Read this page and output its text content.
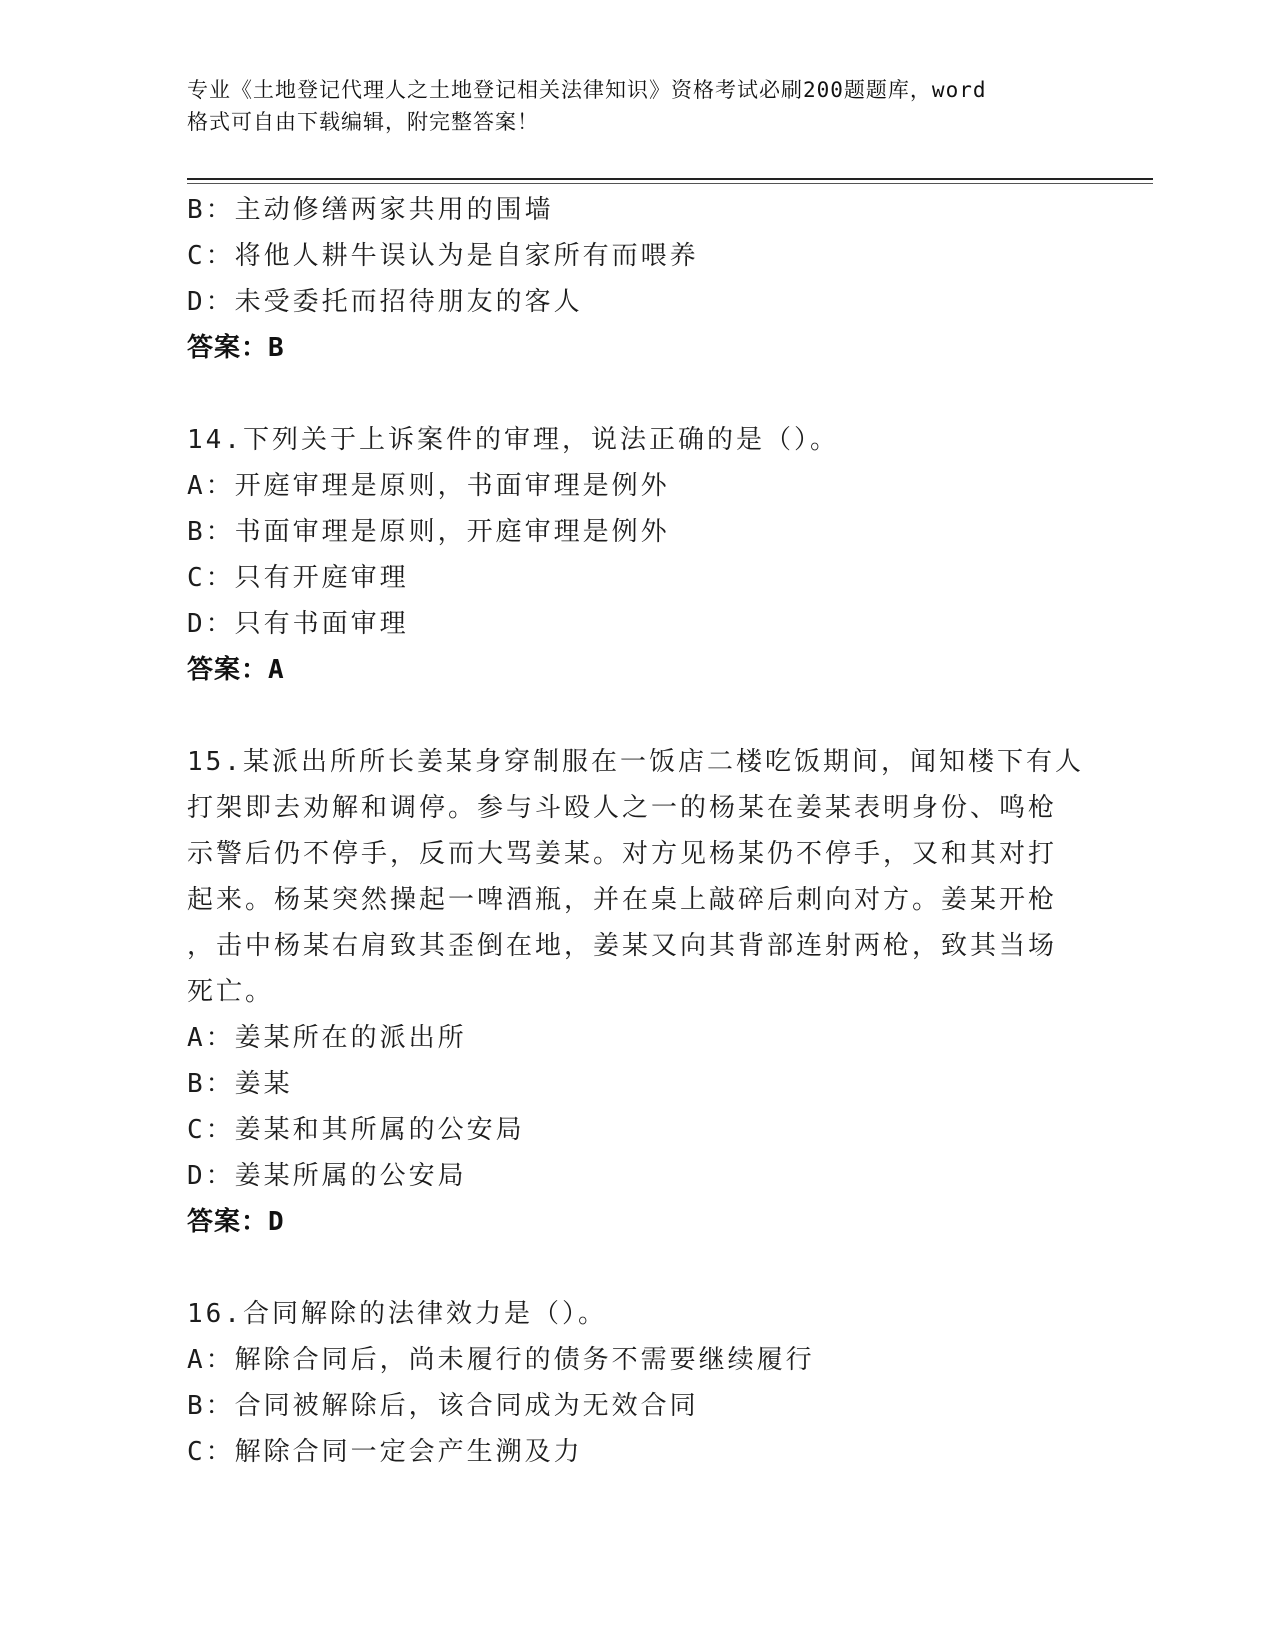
专业《土地登记代理人之土地登记相关法律知识》资格考试必刷200题题库，word
格式可自由下载编辑，附完整答案！
B：主动修缮两家共用的围墙
C：将他人耕牛误认为是自家所有而喂养
D：未受委托而招待朋友的客人
答案：B
14.下列关于上诉案件的审理，说法正确的是（）。
A：开庭审理是原则，书面审理是例外
B：书面审理是原则，开庭审理是例外
C：只有开庭审理
D：只有书面审理
答案：A
15.某派出所所长姜某身穿制服在一饭店二楼吃饭期间，闻知楼下有人
打架即去劝解和调停。参与斗殴人之一的杨某在姜某表明身份、鸣枪
示警后仍不停手，反而大骂姜某。对方见杨某仍不停手，又和其对打
起来。杨某突然操起一啤酒瓶，并在桌上敲碎后刺向对方。姜某开枪
，击中杨某右肩致其歪倒在地，姜某又向其背部连射两枪，致其当场
死亡。
A：姜某所在的派出所
B：姜某
C：姜某和其所属的公安局
D：姜某所属的公安局
答案：D
16.合同解除的法律效力是（）。
A：解除合同后，尚未履行的债务不需要继续履行
B：合同被解除后，该合同成为无效合同
C：解除合同一定会产生溯及力
